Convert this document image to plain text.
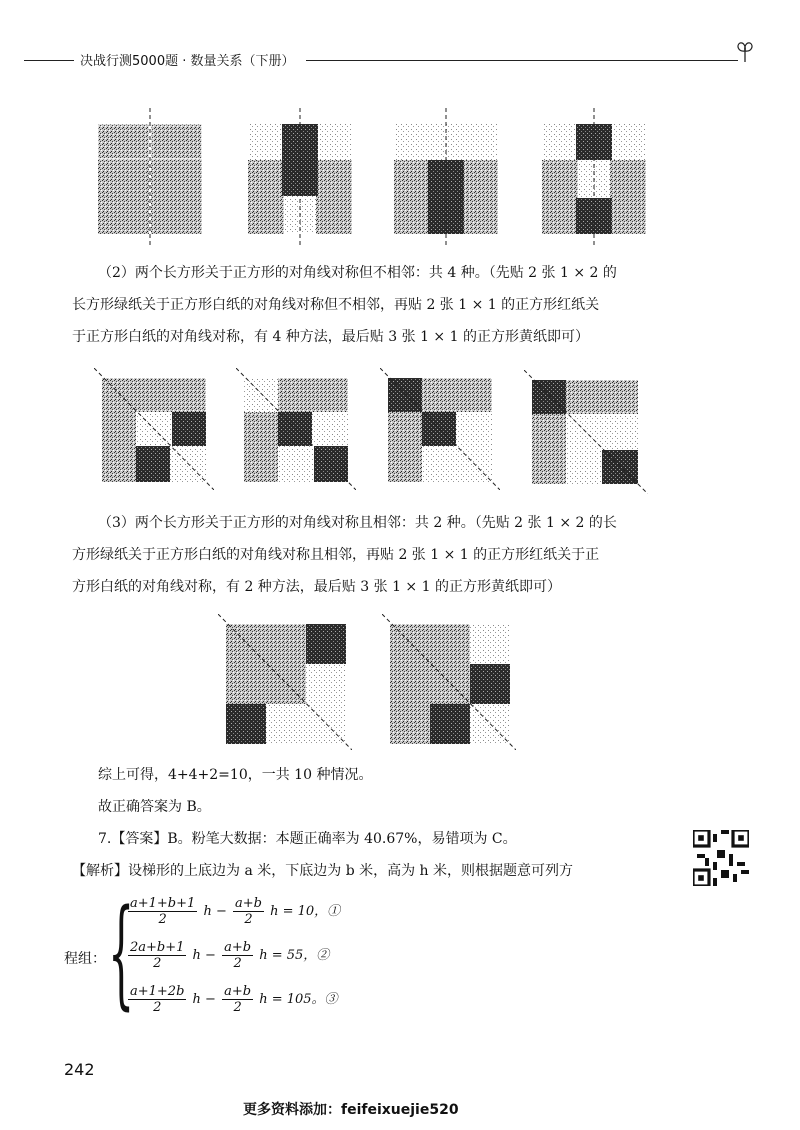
决战行测5000题 · 数量关系（下册）
（2）两个长方形关于正方形的对角线对称但不相邻：共 4 种。（先贴 2 张 1 × 2 的
长方形绿纸关于正方形白纸的对角线对称但不相邻，再贴 2 张 1 × 1 的正方形红纸关
于正方形白纸的对角线对称，有 4 种方法，最后贴 3 张 1 × 1 的正方形黄纸即可）
（3）两个长方形关于正方形的对角线对称且相邻：共 2 种。（先贴 2 张 1 × 2 的长
方形绿纸关于正方形白纸的对角线对称且相邻，再贴 2 张 1 × 1 的正方形红纸关于正
方形白纸的对角线对称，有 2 种方法，最后贴 3 张 1 × 1 的正方形黄纸即可）
综上可得，4+4+2=10，一共 10 种情况。
故正确答案为 B。
7.【答案】B。粉笔大数据：本题正确率为 40.67%，易错项为 C。
【解析】设梯形的上底边为 a 米，下底边为 b 米，高为 h 米，则根据题意可列方
程组： {
$\frac{a+1+b+1}{2}$ $h - \frac{a+b}{2}$ h = 10，①
$\frac{2a+b+1}{2}$ $h - \frac{a+b}{2}$ h = 55，②
$\frac{a+1+2b}{2}$ $h - \frac{a+b}{2}$ h = 105。③
242
更多资料添加：feifeixuejie520
